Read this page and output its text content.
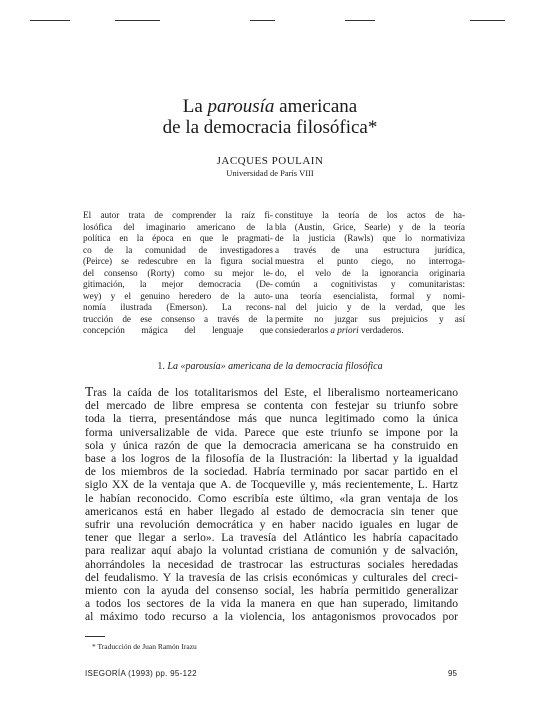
La parousía americana
de la democracia filosófica*
JACQUES POULAIN
Universidad de París VIII
El autor trata de comprender la raíz fi-
losófica del imaginario americano de la
política en la época en que le pragmati-
co de la comunidad de investigadores
(Peirce) se redescubre en la figura social
del consenso (Rorty) como su mejor le-
gitimación, la mejor democracia (De-
wey) y el genuino heredero de la auto-
nomía ilustrada (Emerson). La recons-
trucción de ese consenso a través de la
concepción mágica del lenguaje que
constituye la teoría de los actos de ha-
bla (Austin, Grice, Searle) y de la teoría
de la justicia (Rawls) que lo normativiza
a través de una estructura jurídica,
muestra el punto ciego, no interroga-
do, el velo de la ignorancia originaria
común a cognitivistas y comunitaristas:
una teoría esencialista, formal y nomi-
nal del juicio y de la verdad, que les
permite no juzgar sus prejuicios y así
consiederarlos a priori verdaderos.
1. La «parousía» americana de la democracia filosófica
Tras la caída de los totalitarismos del Este, el liberalismo norteamericano
del mercado de libre empresa se contenta con festejar su triunfo sobre
toda la tierra, presentándose más que nunca legitimado como la única
forma universalizable de vida. Parece que este triunfo se impone por la
sola y única razón de que la democracia americana se ha construido en
base a los logros de la filosofía de la Ilustración: la libertad y la igualdad
de los miembros de la sociedad. Habría terminado por sacar partido en el
siglo XX de la ventaja que A. de Tocqueville y, más recientemente, L. Hartz
le habían reconocido. Como escribía este último, «la gran ventaja de los
americanos está en haber llegado al estado de democracia sin tener que
sufrir una revolución democrática y en haber nacido iguales en lugar de
tener que llegar a serlo». La travesía del Atlántico les habría capacitado
para realizar aquí abajo la voluntad cristiana de comunión y de salvación,
ahorrándoles la necesidad de trastrocar las estructuras sociales heredadas
del feudalismo. Y la travesía de las crisis económicas y culturales del creci-
miento con la ayuda del consenso social, les habría permitido generalizar
a todos los sectores de la vida la manera en que han superado, limitando
al máximo todo recurso a la violencia, los antagonismos provocados por
* Traducción de Juan Ramón Irazu
ISEGORÍA (1993) pp. 95-122	95
